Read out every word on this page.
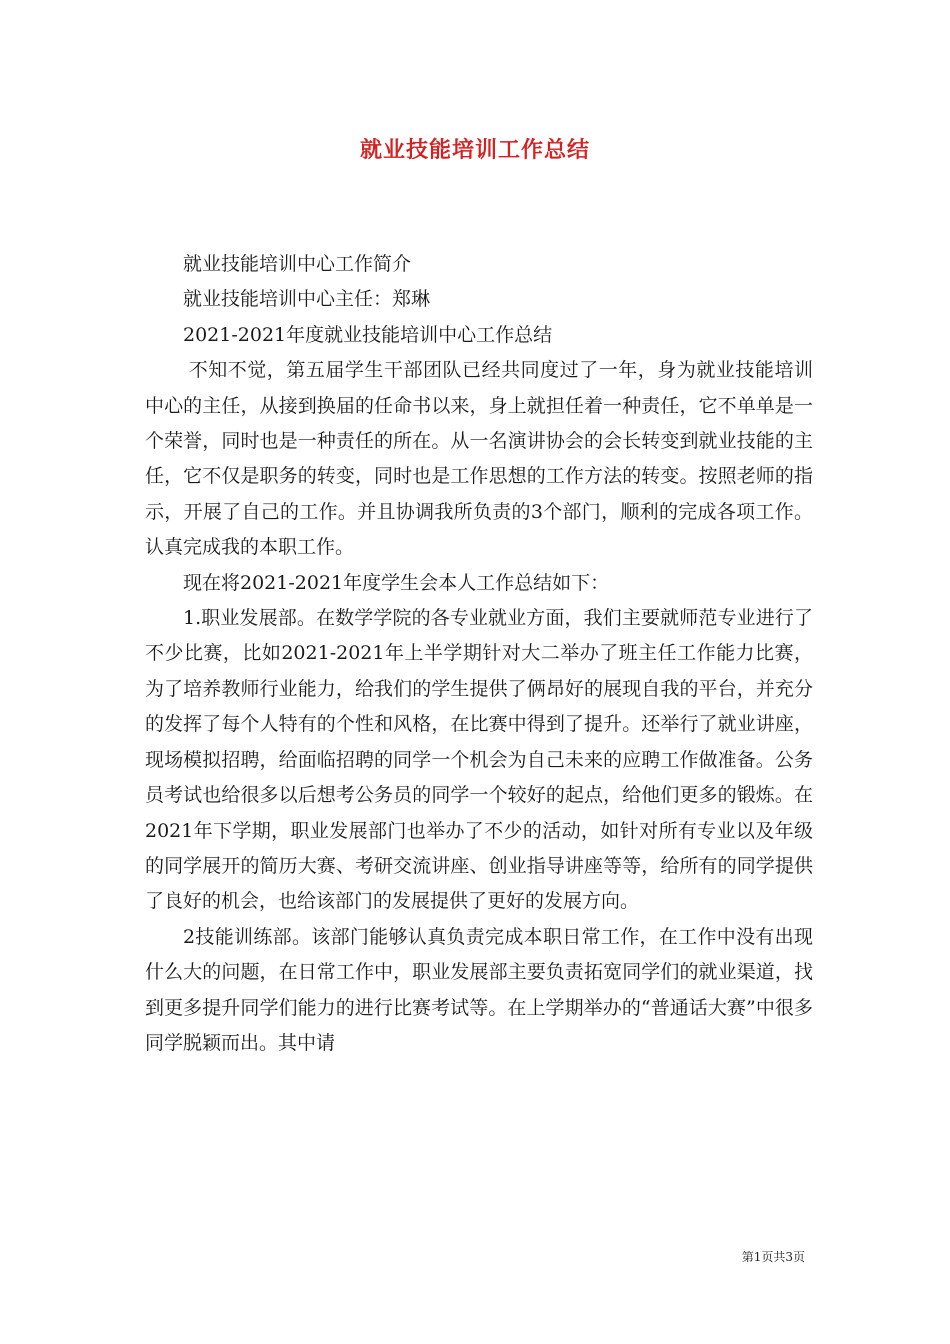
就业技能培训工作总结

就业技能培训中心工作简介

就业技能培训中心主任：郑琳

2021-2021年度就业技能培训中心工作总结

不知不觉，第五届学生干部团队已经共同度过了一年，身为就业技能培训中心的主任，从接到换届的任命书以来，身上就担任着一种责任，它不单单是一个荣誉，同时也是一种责任的所在。从一名演讲协会的会长转变到就业技能的主任，它不仅是职务的转变，同时也是工作思想的工作方法的转变。按照老师的指示，开展了自己的工作。并且协调我所负责的3个部门，顺利的完成各项工作。认真完成我的本职工作。

现在将2021-2021年度学生会本人工作总结如下：

1.职业发展部。在数学学院的各专业就业方面，我们主要就师范专业进行了不少比赛，比如2021-2021年上半学期针对大二举办了班主任工作能力比赛，为了培养教师行业能力，给我们的学生提供了俩昂好的展现自我的平台，并充分的发挥了每个人特有的个性和风格，在比赛中得到了提升。还举行了就业讲座，现场模拟招聘，给面临招聘的同学一个机会为自己未来的应聘工作做准备。公务员考试也给很多以后想考公务员的同学一个较好的起点，给他们更多的锻炼。在2021年下学期，职业发展部门也举办了不少的活动，如针对所有专业以及年级的同学展开的简历大赛、考研交流讲座、创业指导讲座等等，给所有的同学提供了良好的机会，也给该部门的发展提供了更好的发展方向。

2技能训练部。该部门能够认真负责完成本职日常工作，在工作中没有出现什么大的问题，在日常工作中，职业发展部主要负责拓宽同学们的就业渠道，找到更多提升同学们能力的进行比赛考试等。在上学期举办的“普通话大赛”中很多同学脱颖而出。其中请

第1页共3页
